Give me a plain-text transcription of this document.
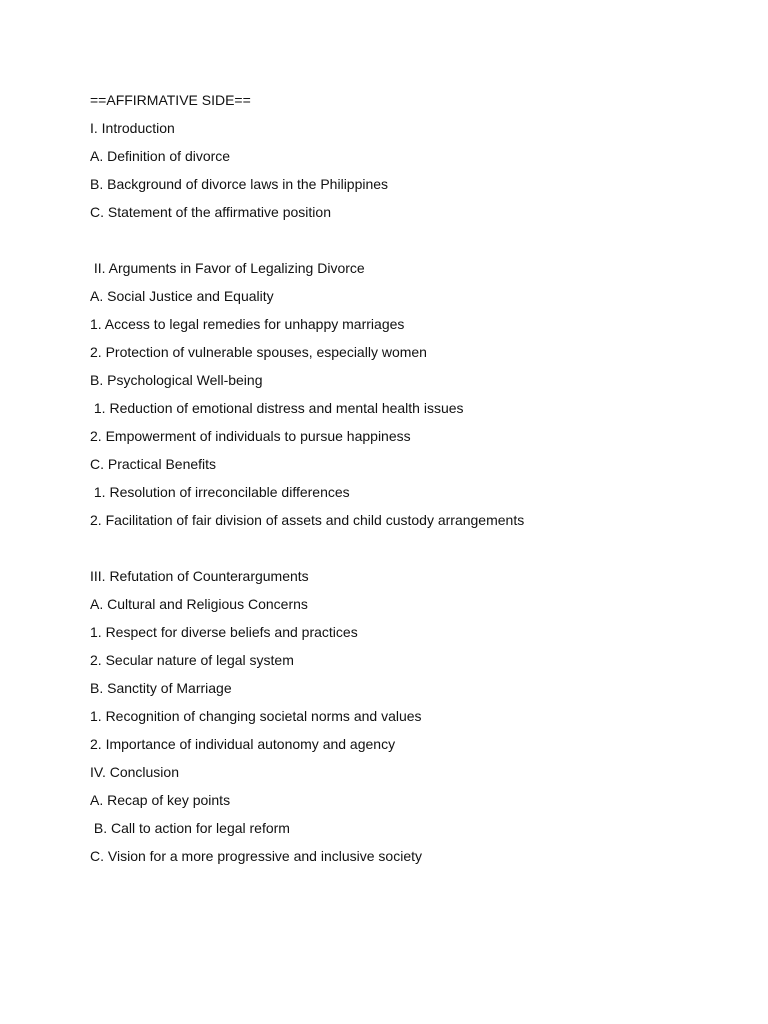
==AFFIRMATIVE SIDE==
I. Introduction
A. Definition of divorce
B. Background of divorce laws in the Philippines
C. Statement of the affirmative position
II. Arguments in Favor of Legalizing Divorce
A. Social Justice and Equality
1. Access to legal remedies for unhappy marriages
2. Protection of vulnerable spouses, especially women
B. Psychological Well-being
1. Reduction of emotional distress and mental health issues
2. Empowerment of individuals to pursue happiness
C. Practical Benefits
1. Resolution of irreconcilable differences
2. Facilitation of fair division of assets and child custody arrangements
III. Refutation of Counterarguments
A. Cultural and Religious Concerns
1. Respect for diverse beliefs and practices
2. Secular nature of legal system
B. Sanctity of Marriage
1. Recognition of changing societal norms and values
2. Importance of individual autonomy and agency
IV. Conclusion
A. Recap of key points
B. Call to action for legal reform
C. Vision for a more progressive and inclusive society
